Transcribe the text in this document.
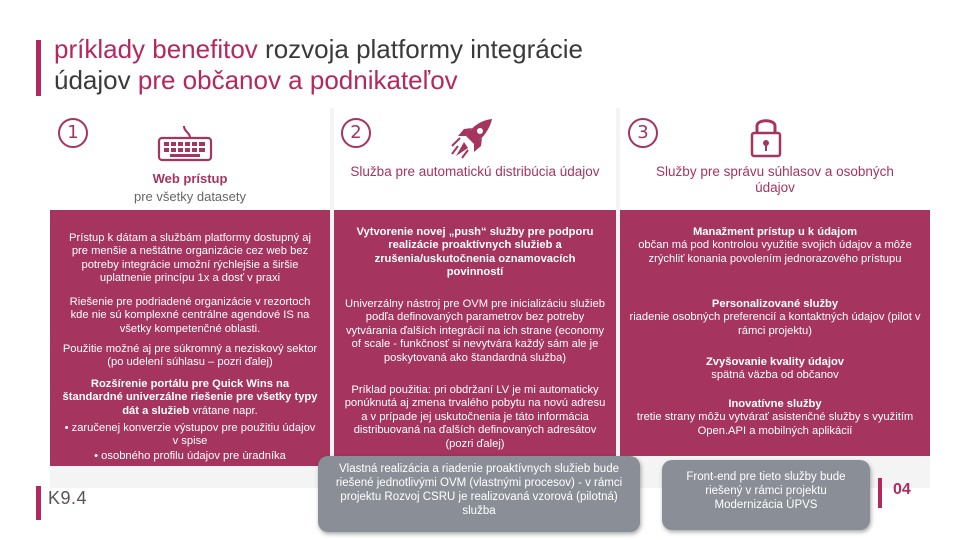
príklady benefitov rozvoja platformy integrácie
údajov pre občanov a podnikateľov
1
Web prístup
pre všetky datasety
Prístup k dátam a službám platformy dostupný aj pre menšie a neštátne organizácie cez web bez potreby integrácie umožní rýchlejšie a širšie uplatnenie princípu 1x a dosť v praxi
Riešenie pre podriadené organizácie v rezortoch kde nie sú komplexné centrálne agendové IS na všetky kompetenčné oblasti.
Použitie možné aj pre súkromný a neziskový sektor (po udelení súhlasu – pozri ďalej)
Rozšírenie portálu pre Quick Wins na štandardné univerzálne riešenie pre všetky typy dát a služieb vrátane napr.
• zaručenej konverzie výstupov pre použitiu údajov v spise
• osobného profilu údajov pre úradníka
2
Služba pre automatickú distribúcia údajov
Vytvorenie novej „push“ služby pre podporu realizácie proaktívnych služieb a zrušenia/uskutočnenia oznamovacích povinností
Univerzálny nástroj pre OVM pre inicializáciu služieb podľa definovaných parametrov bez potreby vytvárania ďalších integrácií na ich strane (economy of scale - funkčnosť si nevytvára každý sám ale je poskytovaná ako štandardná služba)
Príklad použitia: pri obdržaní LV je mi automaticky ponúknutá aj zmena trvalého pobytu na novú adresu a v prípade jej uskutočnenia je táto informácia distribuovaná na ďalších definovaných adresátov (pozri ďalej)
Vlastná realizácia a riadenie proaktívnych služieb bude riešené jednotlivými OVM (vlastnými procesov) - v rámci projektu Rozvoj CSRU je realizovaná vzorová (pilotná) služba
3
Služby pre správu súhlasov a osobných údajov
Manažment prístup u k údajom
občan má pod kontrolou využitie svojich údajov a môže zrýchliť konania povolením jednorazového prístupu
Personalizované služby
riadenie osobných preferencií a kontaktných údajov (pilot v rámci projektu)
Zvyšovanie kvality údajov
spätná väzba od občanov
Inovatívne služby
tretie strany môžu vytvárať asistenčné služby s využitím Open.API a mobilných aplikácií
Front-end pre tieto služby bude riešený v rámci projektu Modernizácia ÚPVS
K9.4	04
